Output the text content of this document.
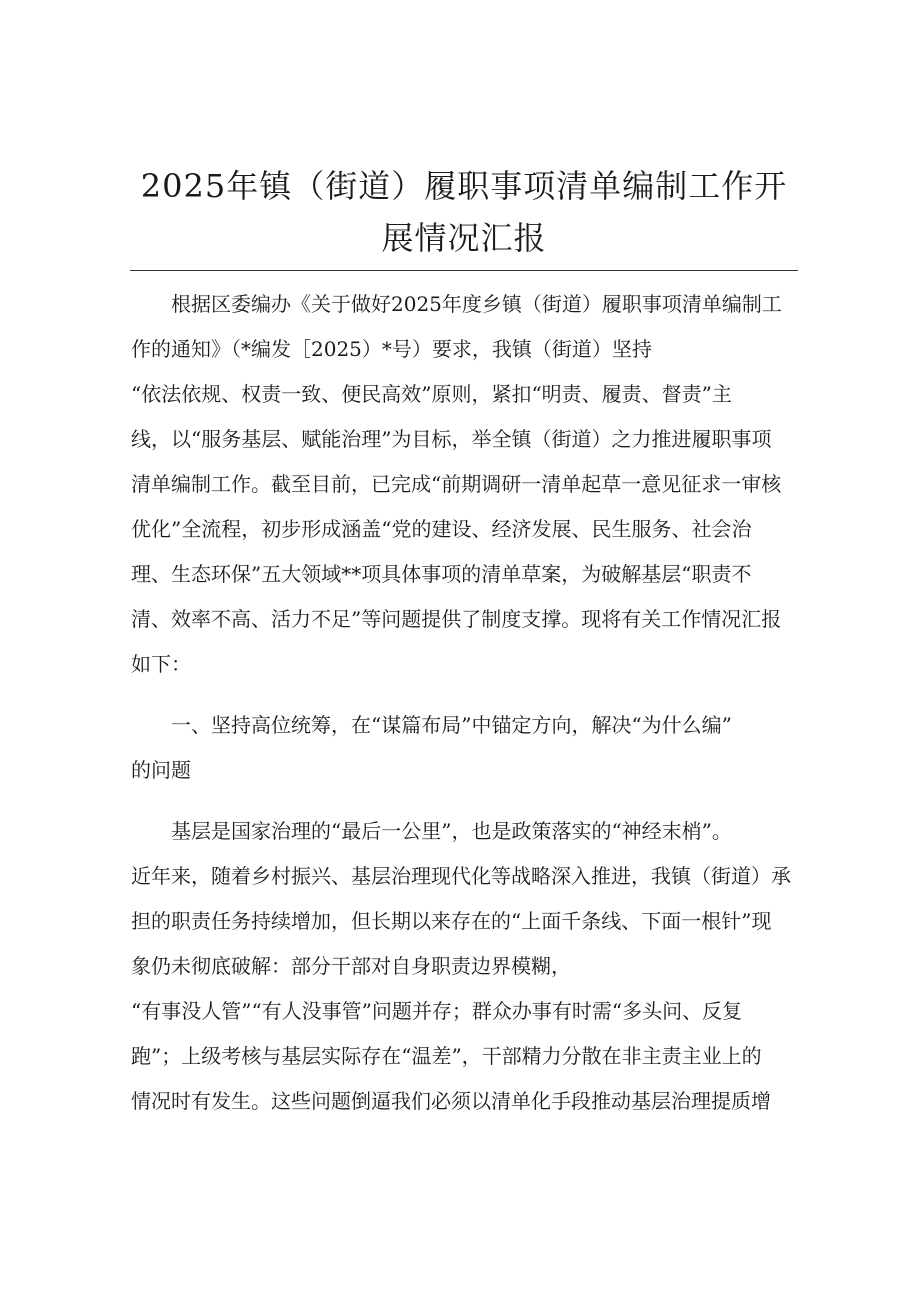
2025年镇（街道）履职事项清单编制工作开
展情况汇报
根据区委编办《关于做好2025年度乡镇（街道）履职事项清单编制工
作的通知》（*编发［2025）*号）要求，我镇（街道）坚持
“依法依规、权责一致、便民高效”原则，紧扣“明责、履责、督责”主
线，以“服务基层、赋能治理”为目标，举全镇（街道）之力推进履职事项
清单编制工作。截至目前，已完成“前期调研一清单起草一意见征求一审核
优化”全流程，初步形成涵盖“党的建设、经济发展、民生服务、社会治
理、生态环保”五大领域**项具体事项的清单草案，为破解基层“职责不
清、效率不高、活力不足”等问题提供了制度支撑。现将有关工作情况汇报
如下：
一、坚持高位统筹，在“谋篇布局”中锚定方向，解决“为什么编”
的问题
基层是国家治理的“最后一公里”，也是政策落实的“神经末梢”。
近年来，随着乡村振兴、基层治理现代化等战略深入推进，我镇（街道）承
担的职责任务持续增加，但长期以来存在的“上面千条线、下面一根针”现
象仍未彻底破解：部分干部对自身职责边界模糊，
“有事没人管”“有人没事管”问题并存；群众办事有时需“多头问、反复
跑”；上级考核与基层实际存在“温差”，干部精力分散在非主责主业上的
情况时有发生。这些问题倒逼我们必须以清单化手段推动基层治理提质增
